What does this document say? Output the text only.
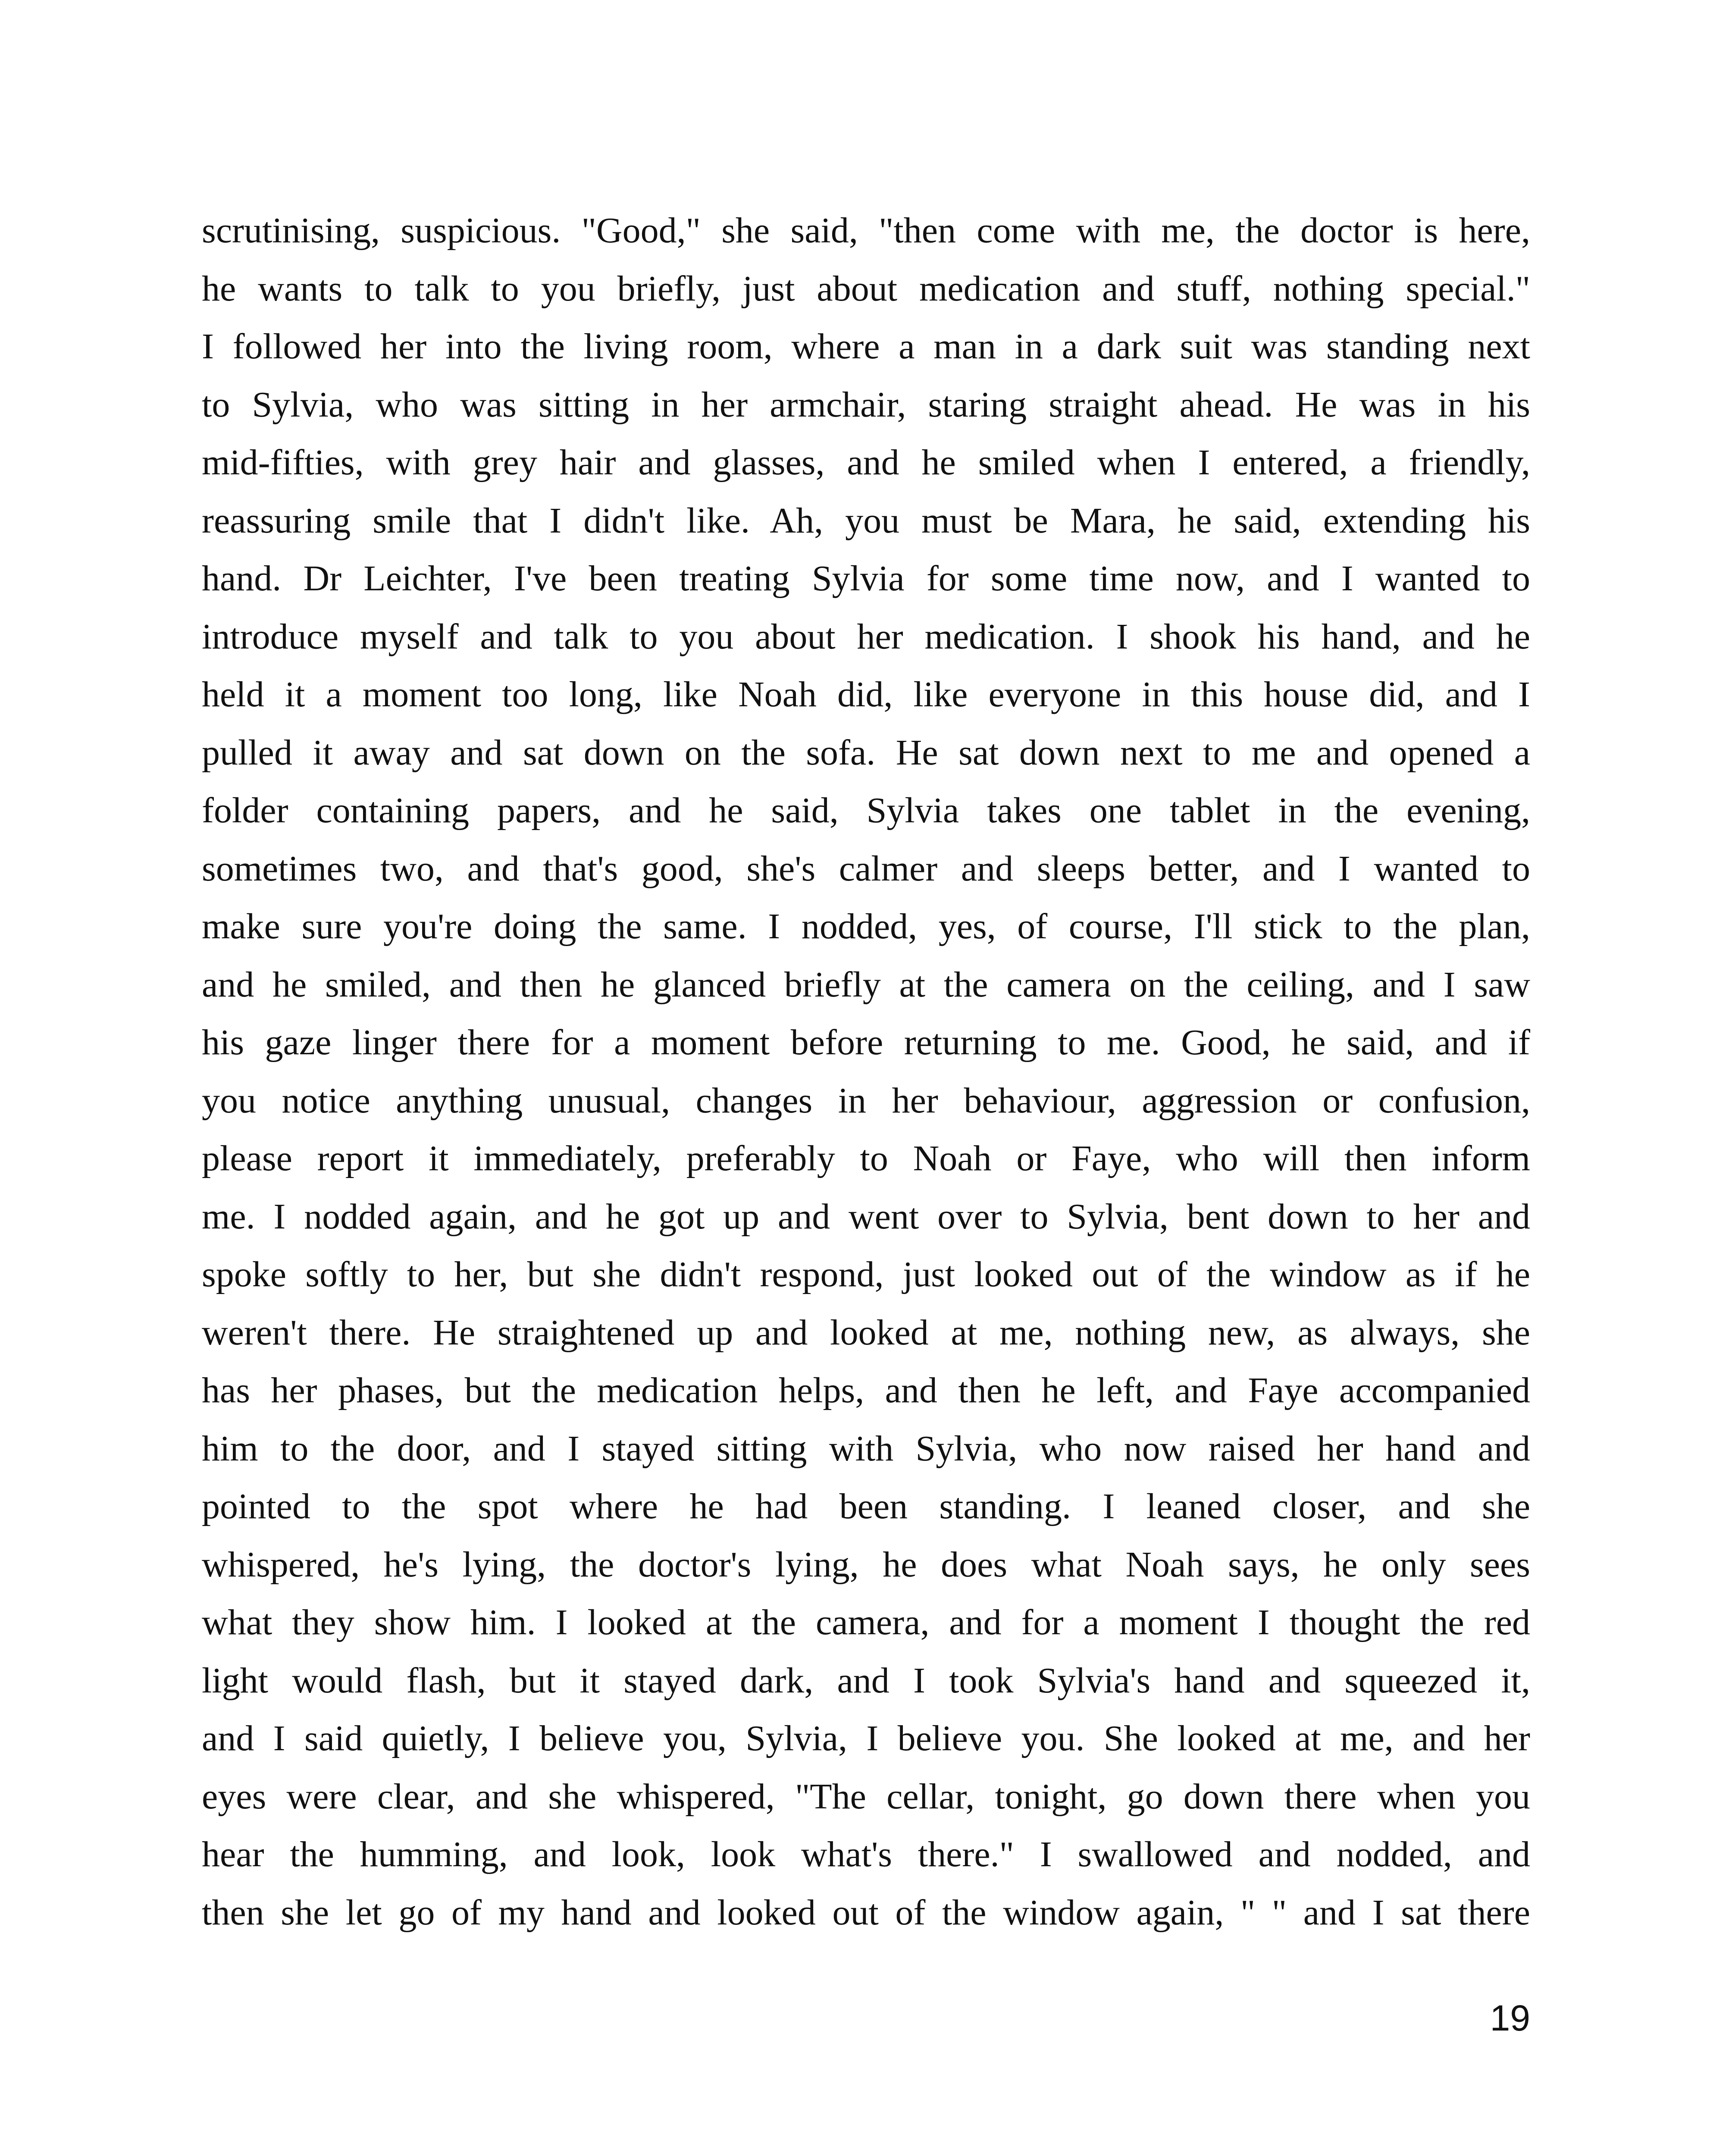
scrutinising, suspicious. "Good," she said, "then come with me, the doctor is here,
he wants to talk to you briefly, just about medication and stuff, nothing special."
I followed her into the living room, where a man in a dark suit was standing next
to Sylvia, who was sitting in her armchair, staring straight ahead. He was in his
mid-fifties, with grey hair and glasses, and he smiled when I entered, a friendly,
reassuring smile that I didn't like. Ah, you must be Mara, he said, extending his
hand. Dr Leichter, I've been treating Sylvia for some time now, and I wanted to
introduce myself and talk to you about her medication. I shook his hand, and he
held it a moment too long, like Noah did, like everyone in this house did, and I
pulled it away and sat down on the sofa. He sat down next to me and opened a
folder containing papers, and he said, Sylvia takes one tablet in the evening,
sometimes two, and that's good, she's calmer and sleeps better, and I wanted to
make sure you're doing the same. I nodded, yes, of course, I'll stick to the plan,
and he smiled, and then he glanced briefly at the camera on the ceiling, and I saw
his gaze linger there for a moment before returning to me. Good, he said, and if
you notice anything unusual, changes in her behaviour, aggression or confusion,
please report it immediately, preferably to Noah or Faye, who will then inform
me. I nodded again, and he got up and went over to Sylvia, bent down to her and
spoke softly to her, but she didn't respond, just looked out of the window as if he
weren't there. He straightened up and looked at me, nothing new, as always, she
has her phases, but the medication helps, and then he left, and Faye accompanied
him to the door, and I stayed sitting with Sylvia, who now raised her hand and
pointed to the spot where he had been standing. I leaned closer, and she
whispered, he's lying, the doctor's lying, he does what Noah says, he only sees
what they show him. I looked at the camera, and for a moment I thought the red
light would flash, but it stayed dark, and I took Sylvia's hand and squeezed it,
and I said quietly, I believe you, Sylvia, I believe you. She looked at me, and her
eyes were clear, and she whispered, "The cellar, tonight, go down there when you
hear the humming, and look, look what's there." I swallowed and nodded, and
then she let go of my hand and looked out of the window again, " " and I sat there
19
